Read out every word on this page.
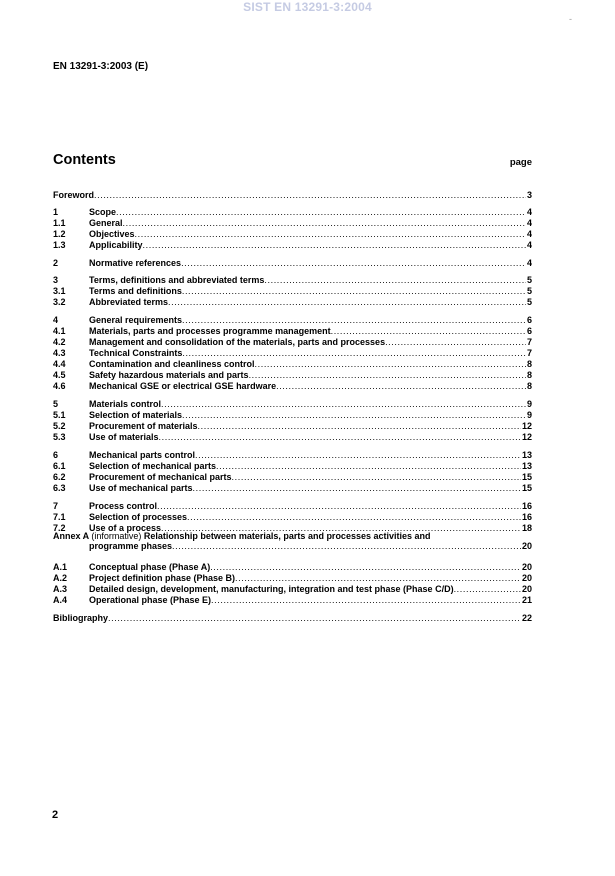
SIST EN 13291-3:2004
-
EN 13291-3:2003 (E)
Contents	page
Foreword .....	3
1	Scope .....	4
1.1	General .....	4
1.2	Objectives .....	4
1.3	Applicability .....	4
2	Normative references .....	4
3	Terms, definitions and abbreviated terms .....	5
3.1	Terms and definitions .....	5
3.2	Abbreviated terms .....	5
4	General requirements .....	6
4.1	Materials, parts and processes programme management .....	6
4.2	Management and consolidation of the materials, parts and processes .....	7
4.3	Technical Constraints .....	7
4.4	Contamination and cleanliness control .....	8
4.5	Safety hazardous materials and parts .....	8
4.6	Mechanical GSE or electrical GSE hardware .....	8
5	Materials control .....	9
5.1	Selection of materials .....	9
5.2	Procurement of materials .....	12
5.3	Use of materials .....	12
6	Mechanical parts control .....	13
6.1	Selection of mechanical parts .....	13
6.2	Procurement of mechanical parts .....	15
6.3	Use of mechanical parts .....	15
7	Process control .....	16
7.1	Selection of processes .....	16
7.2	Use of a process .....	18
Annex A (informative) Relationship between materials, parts and processes activities and
programme phases .....	20
A.1 Conceptual phase (Phase A) .....	20
A.2 Project definition phase (Phase B) .....	20
A.3 Detailed design, development, manufacturing, integration and test phase (Phase C/D) .....	20
A.4 Operational phase (Phase E) .....	21
Bibliography .....	22
2
